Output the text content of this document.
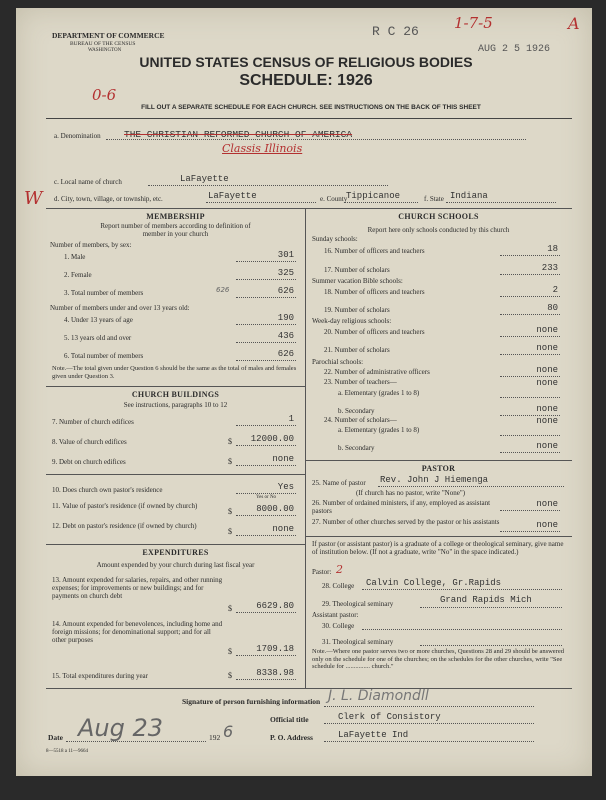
DEPARTMENT OF COMMERCE
BUREAU OF THE CENSUS
WASHINGTON
R C 26 1-7-5	A
AUG 2 5 1926
UNITED STATES CENSUS OF RELIGIOUS BODIES
SCHEDULE: 1926
0-6
FILL OUT A SEPARATE SCHEDULE FOR EACH CHURCH. SEE INSTRUCTIONS ON THE BACK OF THIS SHEET
a. Denomination THE CHRISTIAN REFORMED CHURCH OF AMERICA
Classis Illinois
c. Local name of church	LaFayette
W d. City, town, village, or township, etc.	LaFayette	e. County
Tippicanoe	f. State Indiana
MEMBERSHIP
Report number of members according to definition of
member in your church
Number of members, by sex:
1. Male	301
2. Female	325
3. Total number of members	626	626
Number of members under and over 13 years old:
4. Under 13 years of age	190
5. 13 years old and over	436
6. Total number of members	626
Note.—The total given under Question 6 should be the same as the total of males and females given under Question 3.
CHURCH BUILDINGS
See instructions, paragraphs 10 to 12
7. Number of church edifices	1
8. Value of church edifices	$	12000.00
9. Debt on church edifices	$	none
10. Does church own pastor's residence	Yes
Yes or No
11. Value of pastor's residence (if owned by church)
$	8000.00
12. Debt on pastor's residence (if owned by church)
$	none
EXPENDITURES
Amount expended by your church during last fiscal year
13. Amount expended for salaries, repairs, and other running expenses; for improvements or new buildings; and for payments on church debt
$	6629.80
14. Amount expended for benevolences, including home and foreign missions; for denominational support; and for all other purposes
$	1709.18
15. Total expenditures during year	$	8338.98
CHURCH SCHOOLS
Report here only schools conducted by this church
Sunday schools:
16. Number of officers and teachers	18
17. Number of scholars	233
Summer vacation Bible schools:
18. Number of officers and teachers	2
19. Number of scholars	80
Week-day religious schools:
20. Number of officers and teachers	none
21. Number of scholars	none
Parochial schools:
22. Number of administrative officers	none
23. Number of teachers—	none
a. Elementary (grades 1 to 8)
b. Secondary	none
24. Number of scholars—	none
a. Elementary (grades 1 to 8)
b. Secondary	none
PASTOR
25. Name of pastor Rev. John J Hiemenga
(If church has no pastor, write "None")
26. Number of ordained ministers, if any, employed as assistant pastors
none
27. Number of other churches served by the pastor or his assistants	none
If pastor (or assistant pastor) is a graduate of a college or theological seminary, give name of institution below. (If not a graduate, write "No" in the space indicated.)
Pastor: 2
28. College Calvin College, Gr.Rapids
29. Theological seminary	Grand Rapids Mich
Assistant pastor:
30. College
31. Theological seminary
Note.—Where one pastor serves two or more churches, Questions 28 and 29 should be answered only on the schedule for one of the churches; on the schedules for the other churches, write "See schedule for ............... church."
Signature of person furnishing information J. L. Diamondll
Official title	Clerk of Consistory
Date Aug 23	192 6	P. O. Address	LaFayette Ind
8—5518 a 11—9664
